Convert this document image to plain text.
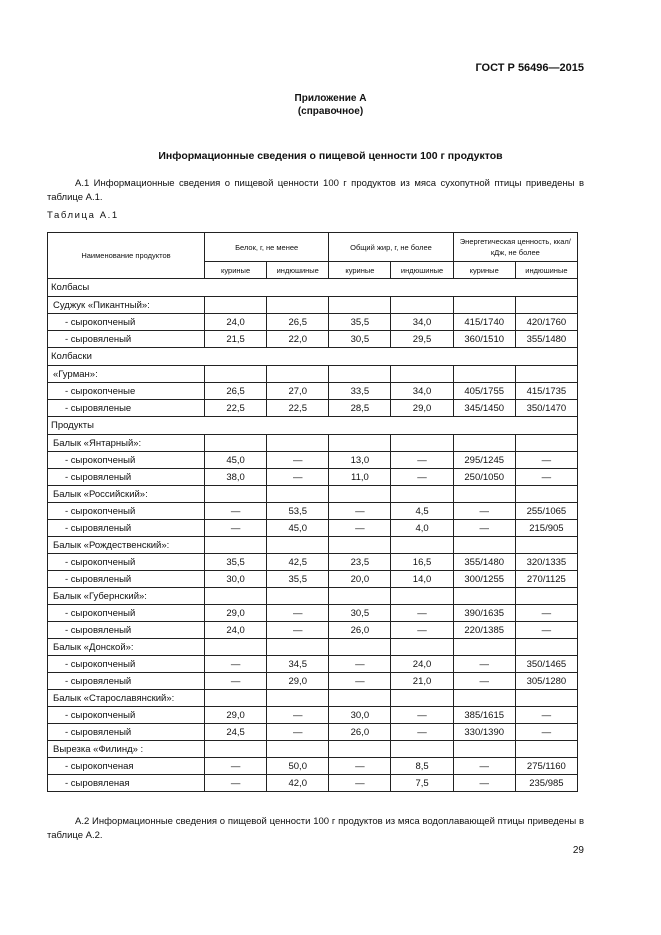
ГОСТ Р 56496—2015
Приложение А
(справочное)
Информационные сведения о пищевой ценности 100 г продуктов
А.1 Информационные сведения о пищевой ценности 100 г продуктов из мяса сухопутной птицы приведены в таблице А.1.
Таблица А.1
Наименование продуктов	Белок, г, не менее		Общий жир, г, не более		Энергетическая ценность, ккал/кДж, не более	
	куриные	индюшиные	куриные	индюшиные	куриные	индюшиные
Колбасы						
Суджук «Пикантный»:						
- сырокопченый	24,0	26,5	35,5	34,0	415/1740	420/1760
- сыровяленый	21,5	22,0	30,5	29,5	360/1510	355/1480
Колбаски						
«Гурман»:						
- сырокопченые	26,5	27,0	33,5	34,0	405/1755	415/1735
- сыровяленые	22,5	22,5	28,5	29,0	345/1450	350/1470
Продукты						
Балык «Янтарный»:						
- сырокопченый	45,0	—	13,0	—	295/1245	—
- сыровяленый	38,0	—	11,0	—	250/1050	—
Балык «Российский»:						
- сырокопченый	—	53,5	—	4,5	—	255/1065
- сыровяленый	—	45,0	—	4,0	—	215/905
Балык «Рождественский»:						
- сырокопченый	35,5	42,5	23,5	16,5	355/1480	320/1335
- сыровяленый	30,0	35,5	20,0	14,0	300/1255	270/1125
Балык «Губернский»:						
- сырокопченый	29,0	—	30,5	—	390/1635	—
- сыровяленый	24,0	—	26,0	—	220/1385	—
Балык «Донской»:						
- сырокопченый	—	34,5	—	24,0	—	350/1465
- сыровяленый	—	29,0	—	21,0	—	305/1280
Балык «Старославянский»:						
- сырокопченый	29,0	—	30,0	—	385/1615	—
- сыровяленый	24,5	—	26,0	—	330/1390	—
Вырезка «Филинд» :						
- сырокопченая	—	50,0	—	8,5	—	275/1160
- сыровяленая	—	42,0	—	7,5	—	235/985
А.2 Информационные сведения о пищевой ценности 100 г продуктов из мяса водоплавающей птицы приведены в таблице А.2.
29
